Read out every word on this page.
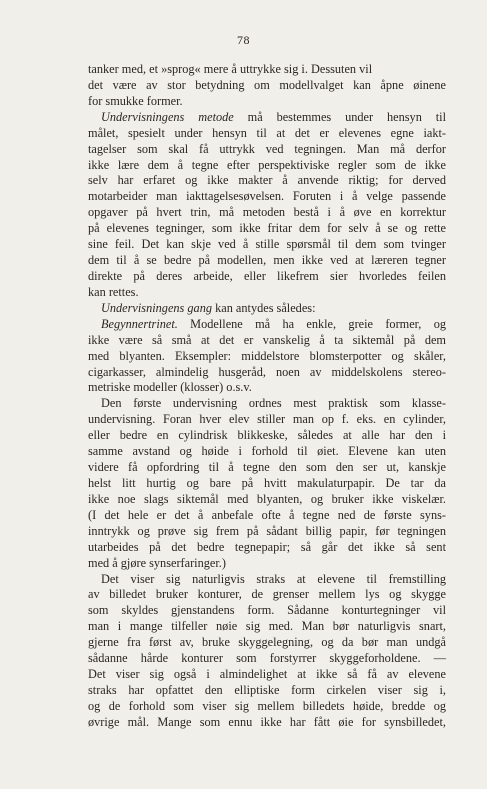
78
tanker med, et »sprog« mere å uttrykke sig i. Dessuten vil
det være av stor betydning om modellvalget kan åpne øinene
for smukke former.
Undervisningens metode må bestemmes under hensyn til
målet, spesielt under hensyn til at det er elevenes egne iakt-
tagelser som skal få uttrykk ved tegningen. Man må derfor
ikke lære dem å tegne efter perspektiviske regler som de ikke
selv har erfaret og ikke makter å anvende riktig; for derved
motarbeider man iakttagelsesøvelsen. Foruten i å velge passende
opgaver på hvert trin, må metoden bestå i å øve en korrektur
på elevenes tegninger, som ikke fritar dem for selv å se og rette
sine feil. Det kan skje ved å stille spørsmål til dem som tvinger
dem til å se bedre på modellen, men ikke ved at læreren tegner
direkte på deres arbeide, eller likefrem sier hvorledes feilen
kan rettes.
Undervisningens gang kan antydes således:
Begynnertrinet. Modellene må ha enkle, greie former, og
ikke være så små at det er vanskelig å ta siktemål på dem
med blyanten. Eksempler: middelstore blomsterpotter og skåler,
cigarkasser, almindelig husgeråd, noen av middelskolens stereo-
metriske modeller (klosser) o.s.v.
Den første undervisning ordnes mest praktisk som klasse-
undervisning. Foran hver elev stiller man op f. eks. en cylinder,
eller bedre en cylindrisk blikkeske, således at alle har den i
samme avstand og høide i forhold til øiet. Elevene kan uten
videre få opfordring til å tegne den som den ser ut, kanskje
helst litt hurtig og bare på hvitt makulaturpapir. De tar da
ikke noe slags siktemål med blyanten, og bruker ikke viskelær.
(I det hele er det å anbefale ofte å tegne ned de første syns-
inntrykk og prøve sig frem på sådant billig papir, før tegningen
utarbeides på det bedre tegnepapir; så går det ikke så sent
med å gjøre synserfaringer.)
Det viser sig naturligvis straks at elevene til fremstilling
av billedet bruker konturer, de grenser mellem lys og skygge
som skyldes gjenstandens form. Sådanne konturtegninger vil
man i mange tilfeller nøie sig med. Man bør naturligvis snart,
gjerne fra først av, bruke skyggelegning, og da bør man undgå
sådanne hårde konturer som forstyrrer skyggeforholdene. —
Det viser sig også i almindelighet at ikke så få av elevene
straks har opfattet den elliptiske form cirkelen viser sig i,
og de forhold som viser sig mellem billedets høide, bredde og
øvrige mål. Mange som ennu ikke har fått øie for synsbilledet,
